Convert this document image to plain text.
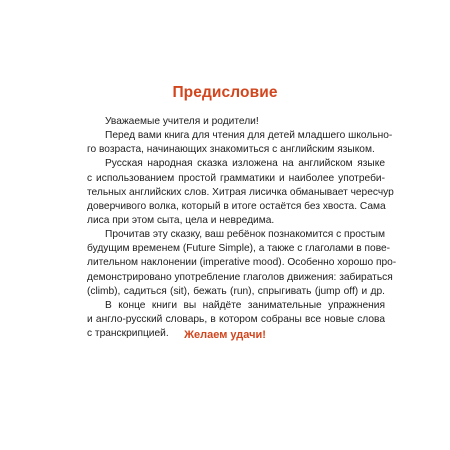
Предисловие
Уважаемые учителя и родители!
Перед вами книга для чтения для детей младшего школьно-
го возраста, начинающих знакомиться с английским языком.
Русская народная сказка изложена на английском языке
с использованием простой грамматики и наиболее употреби-
тельных английских слов. Хитрая лисичка обманывает чересчур
доверчивого волка, который в итоге остаётся без хвоста. Сама
лиса при этом сыта, цела и невредима.
Прочитав эту сказку, ваш ребёнок познакомится с простым
будущим временем (Future Simple), а также с глаголами в пове-
лительном наклонении (imperative mood). Особенно хорошо про-
демонстрировано употребление глаголов движения: забираться
(climb), садиться (sit), бежать (run), спрыгивать (jump off) и др.
В конце книги вы найдёте занимательные упражнения
и англо-русский словарь, в котором собраны все новые слова
с транскрипцией.	Желаем удачи!
